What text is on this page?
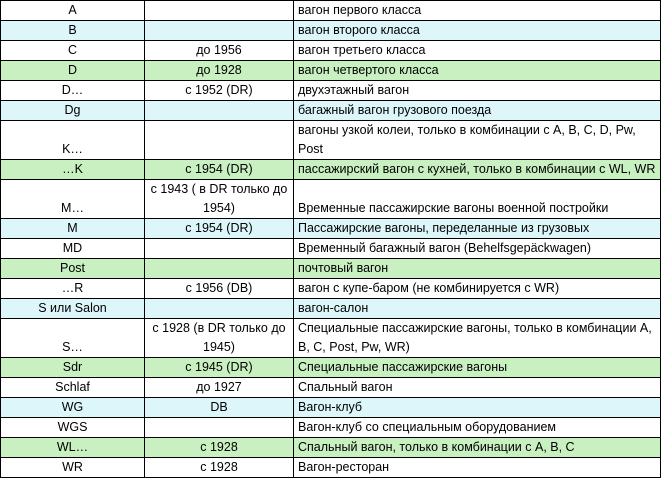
A		вагон первого класса
B		вагон второго класса
C	до 1956	вагон третьего класса
D	до 1928	вагон четвертого класса
D…	с 1952 (DR)	двухэтажный вагон
Dg		багажный вагон грузового поезда
K…		вагоны узкой колеи, только в комбинации с A, B, C, D, Pw, Post
…K	с 1954 (DR)	пассажирский вагон с кухней, только в комбинации с WL, WR
M…	с 1943 ( в DR только до 1954)	Временные пассажирские вагоны военной постройки
M	с 1954 (DR)	Пассажирские вагоны, переделанные из грузовых
MD		Временный багажный вагон (Behelfsgepäckwagen)
Post		почтовый вагон
…R	с 1956 (DB)	вагон с купе-баром (не комбинируется с WR)
S или Salon		вагон-салон
S…	с 1928 (в DR только до 1945)	Специальные пассажирские вагоны, только в комбинации A, B, C, Post, Pw, WR)
Sdr	с 1945 (DR)	Специальные пассажирские вагоны
Schlaf	до 1927	Спальный вагон
WG	DB	Вагон-клуб
WGS		Вагон-клуб со специальным оборудованием
WL…	с 1928	Спальный вагон, только в комбинации с A, B, C
WR	с 1928	Вагон-ресторан
